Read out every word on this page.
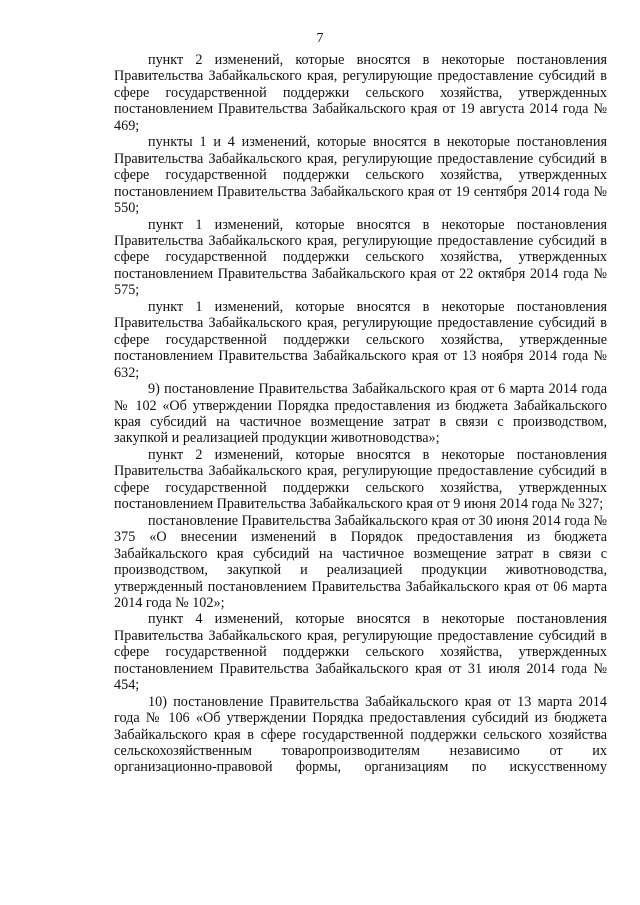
7

пункт 2 изменений, которые вносятся в некоторые постановления Правительства Забайкальского края, регулирующие предоставление субсидий в сфере государственной поддержки сельского хозяйства, утвержденных постановлением Правительства Забайкальского края от 19 августа 2014 года № 469;

пункты 1 и 4 изменений, которые вносятся в некоторые постановления Правительства Забайкальского края, регулирующие предоставление субсидий в сфере государственной поддержки сельского хозяйства, утвержденных постановлением Правительства Забайкальского края от 19 сентября 2014 года № 550;

пункт 1 изменений, которые вносятся в некоторые постановления Правительства Забайкальского края, регулирующие предоставление субсидий в сфере государственной поддержки сельского хозяйства, утвержденных постановлением Правительства Забайкальского края от 22 октября 2014 года № 575;

пункт 1 изменений, которые вносятся в некоторые постановления Правительства Забайкальского края, регулирующие предоставление субсидий в сфере государственной поддержки сельского хозяйства, утвержденные постановлением Правительства Забайкальского края от 13 ноября 2014 года № 632;

9) постановление Правительства Забайкальского края от 6 марта 2014 года № 102 «Об утверждении Порядка предоставления из бюджета Забайкальского края субсидий на частичное возмещение затрат в связи с производством, закупкой и реализацией продукции животноводства»;

пункт 2 изменений, которые вносятся в некоторые постановления Правительства Забайкальского края, регулирующие предоставление субсидий в сфере государственной поддержки сельского хозяйства, утвержденных постановлением Правительства Забайкальского края от 9 июня 2014 года № 327;

постановление Правительства Забайкальского края от 30 июня 2014 года № 375 «О внесении изменений в Порядок предоставления из бюджета Забайкальского края субсидий на частичное возмещение затрат в связи с производством, закупкой и реализацией продукции животноводства, утвержденный постановлением Правительства Забайкальского края от 06 марта 2014 года № 102»;

пункт 4 изменений, которые вносятся в некоторые постановления Правительства Забайкальского края, регулирующие предоставление субсидий в сфере государственной поддержки сельского хозяйства, утвержденных постановлением Правительства Забайкальского края от 31 июля 2014 года № 454;

10) постановление Правительства Забайкальского края от 13 марта 2014 года № 106 «Об утверждении Порядка предоставления субсидий из бюджета Забайкальского края в сфере государственной поддержки сельского хозяйства сельскохозяйственным товаропроизводителям независимо от их организационно-правовой формы, организациям по искусственному
